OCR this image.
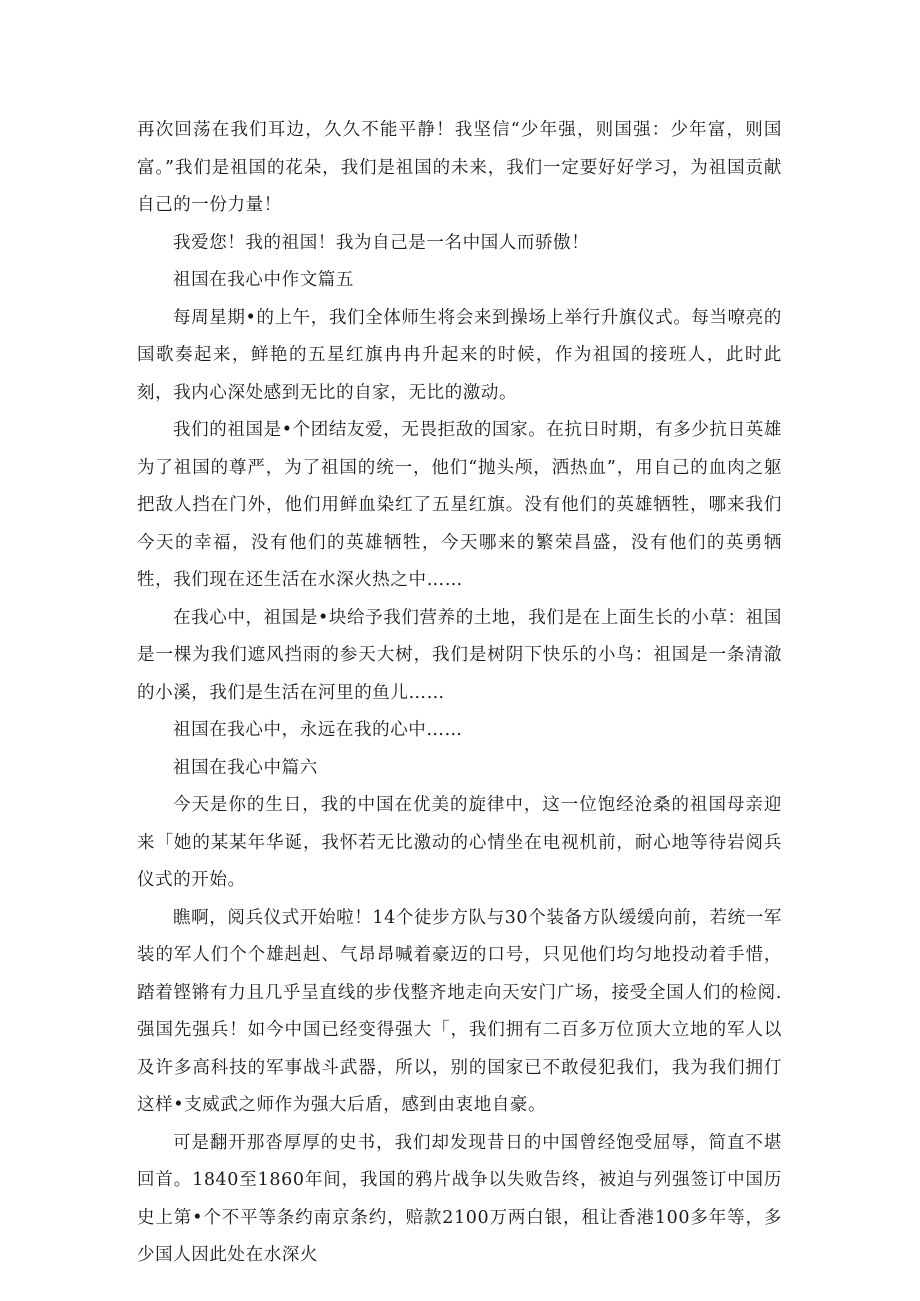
再次回荡在我们耳边，久久不能平静！我坚信“少年强，则国强：少年富，则国富。”我们是祖国的花朵，我们是祖国的未来，我们一定要好好学习，为祖国贡献自己的一份力量！

我爱您！我的祖国！我为自己是一名中国人而骄傲！

祖国在我心中作文篇五

每周星期•的上午，我们全体师生将会来到操场上举行升旗仪式。每当嘹亮的国歌奏起来，鲜艳的五星红旗冉冉升起来的时候，作为祖国的接班人，此时此刻，我内心深处感到无比的自家，无比的激动。

我们的祖国是•个团结友爱，无畏拒敌的国家。在抗日时期，有多少抗日英雄为了祖国的尊严，为了祖国的统一，他们“抛头颅，洒热血”，用自己的血肉之躯把敌人挡在门外，他们用鲜血染红了五星红旗。没有他们的英雄牺牲，哪来我们今天的幸福，没有他们的英雄牺牲，今天哪来的繁荣昌盛，没有他们的英勇牺牲，我们现在还生活在水深火热之中……

在我心中，祖国是•块给予我们营养的土地，我们是在上面生长的小草：祖国是一棵为我们遮风挡雨的参天大树，我们是树阴下快乐的小鸟：祖国是一条清澈的小溪，我们是生活在河里的鱼儿……

祖国在我心中，永远在我的心中……

祖国在我心中篇六

今天是你的生日，我的中国在优美的旋律中，这一位饱经沧桑的祖国母亲迎来「她的某某年华诞，我怀若无比激动的心情坐在电视机前，耐心地等待岩阅兵仪式的开始。

瞧啊，阅兵仪式开始啦！14个徒步方队与30个装备方队缓缓向前，若统一军装的军人们个个雄赳赳、气昂昂喊着豪迈的口号，只见他们均匀地投动着手惜，踏着铿锵有力且几乎呈直线的步伐整齐地走向天安门广场，接受全国人们的检阅.强国先强兵！如今中国已经变得强大「，我们拥有二百多万位顶大立地的军人以及许多高科技的军事战斗武器，所以，别的国家已不敢侵犯我们，我为我们拥仃这样•支威武之师作为强大后盾，感到由衷地自豪。

可是翻开那沓厚厚的史书，我们却发现昔日的中国曾经饱受屈辱，简直不堪回首。1840至1860年间，我国的鸦片战争以失败告终，被迫与列强签订中国历史上第•个不平等条约南京条约，赔款2100万两白银，租让香港100多年等，多少国人因此处在水深火
